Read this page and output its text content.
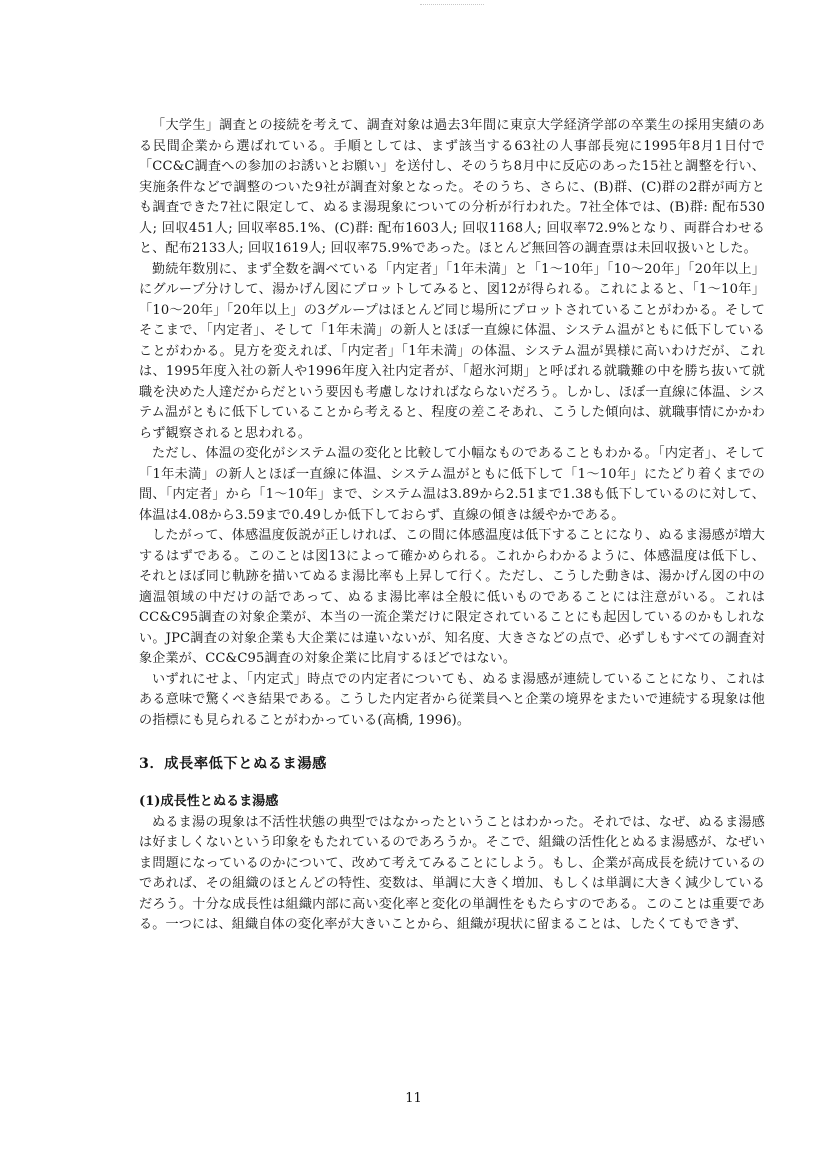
「大学生」調査との接続を考えて、調査対象は過去3年間に東京大学経済学部の卒業生の採用実績のある民間企業から選ばれている。手順としては、まず該当する63社の人事部長宛に1995年8月1日付で「CC&C調査への参加のお誘いとお願い」を送付し、そのうち8月中に反応のあった15社と調整を行い、実施条件などで調整のついた9社が調査対象となった。そのうち、さらに、(B)群、(C)群の2群が両方とも調査できた7社に限定して、ぬるま湯現象についての分析が行われた。7社全体では、(B)群: 配布530人; 回収451人; 回収率85.1%、(C)群: 配布1603人; 回収1168人; 回収率72.9%となり、両群合わせると、配布2133人; 回収1619人; 回収率75.9%であった。ほとんど無回答の調査票は未回収扱いとした。

勤続年数別に、まず全数を調べている「内定者」「1年未満」と「1～10年」「10～20年」「20年以上」にグループ分けして、湯かげん図にプロットしてみると、図12が得られる。これによると、「1～10年」「10～20年」「20年以上」の3グループはほとんど同じ場所にプロットされていることがわかる。そしてそこまで、「内定者」、そして「1年未満」の新人とほぼ一直線に体温、システム温がともに低下していることがわかる。見方を変えれば、「内定者」「1年未満」の体温、システム温が異様に高いわけだが、これは、1995年度入社の新人や1996年度入社内定者が、「超氷河期」と呼ばれる就職難の中を勝ち抜いて就職を決めた人達だからだという要因も考慮しなければならないだろう。しかし、ほぼ一直線に体温、システム温がともに低下していることから考えると、程度の差こそあれ、こうした傾向は、就職事情にかかわらず観察されると思われる。

ただし、体温の変化がシステム温の変化と比較して小幅なものであることもわかる。「内定者」、そして「1年未満」の新人とほぼ一直線に体温、システム温がともに低下して「1～10年」にたどり着くまでの間、「内定者」から「1～10年」まで、システム温は3.89から2.51まで1.38も低下しているのに対して、体温は4.08から3.59まで0.49しか低下しておらず、直線の傾きは緩やかである。

したがって、体感温度仮説が正しければ、この間に体感温度は低下することになり、ぬるま湯感が増大するはずである。このことは図13によって確かめられる。これからわかるように、体感温度は低下し、それとほぼ同じ軌跡を描いてぬるま湯比率も上昇して行く。ただし、こうした動きは、湯かげん図の中の適温領域の中だけの話であって、ぬるま湯比率は全般に低いものであることには注意がいる。これはCC&C95調査の対象企業が、本当の一流企業だけに限定されていることにも起因しているのかもしれない。JPC調査の対象企業も大企業には違いないが、知名度、大きさなどの点で、必ずしもすべての調査対象企業が、CC&C95調査の対象企業に比肩するほどではない。

いずれにせよ、「内定式」時点での内定者についても、ぬるま湯感が連続していることになり、これはある意味で驚くべき結果である。こうした内定者から従業員へと企業の境界をまたいで連続する現象は他の指標にも見られることがわかっている(高橋, 1996)。

3．成長率低下とぬるま湯感
(1)成長性とぬるま湯感

ぬるま湯の現象は不活性状態の典型ではなかったということはわかった。それでは、なぜ、ぬるま湯感は好ましくないという印象をもたれているのであろうか。そこで、組織の活性化とぬるま湯感が、なぜいま問題になっているのかについて、改めて考えてみることにしよう。もし、企業が高成長を続けているのであれば、その組織のほとんどの特性、変数は、単調に大きく増加、もしくは単調に大きく減少しているだろう。十分な成長性は組織内部に高い変化率と変化の単調性をもたらすのである。このことは重要である。一つには、組織自体の変化率が大きいことから、組織が現状に留まることは、したくてもできず、

11
